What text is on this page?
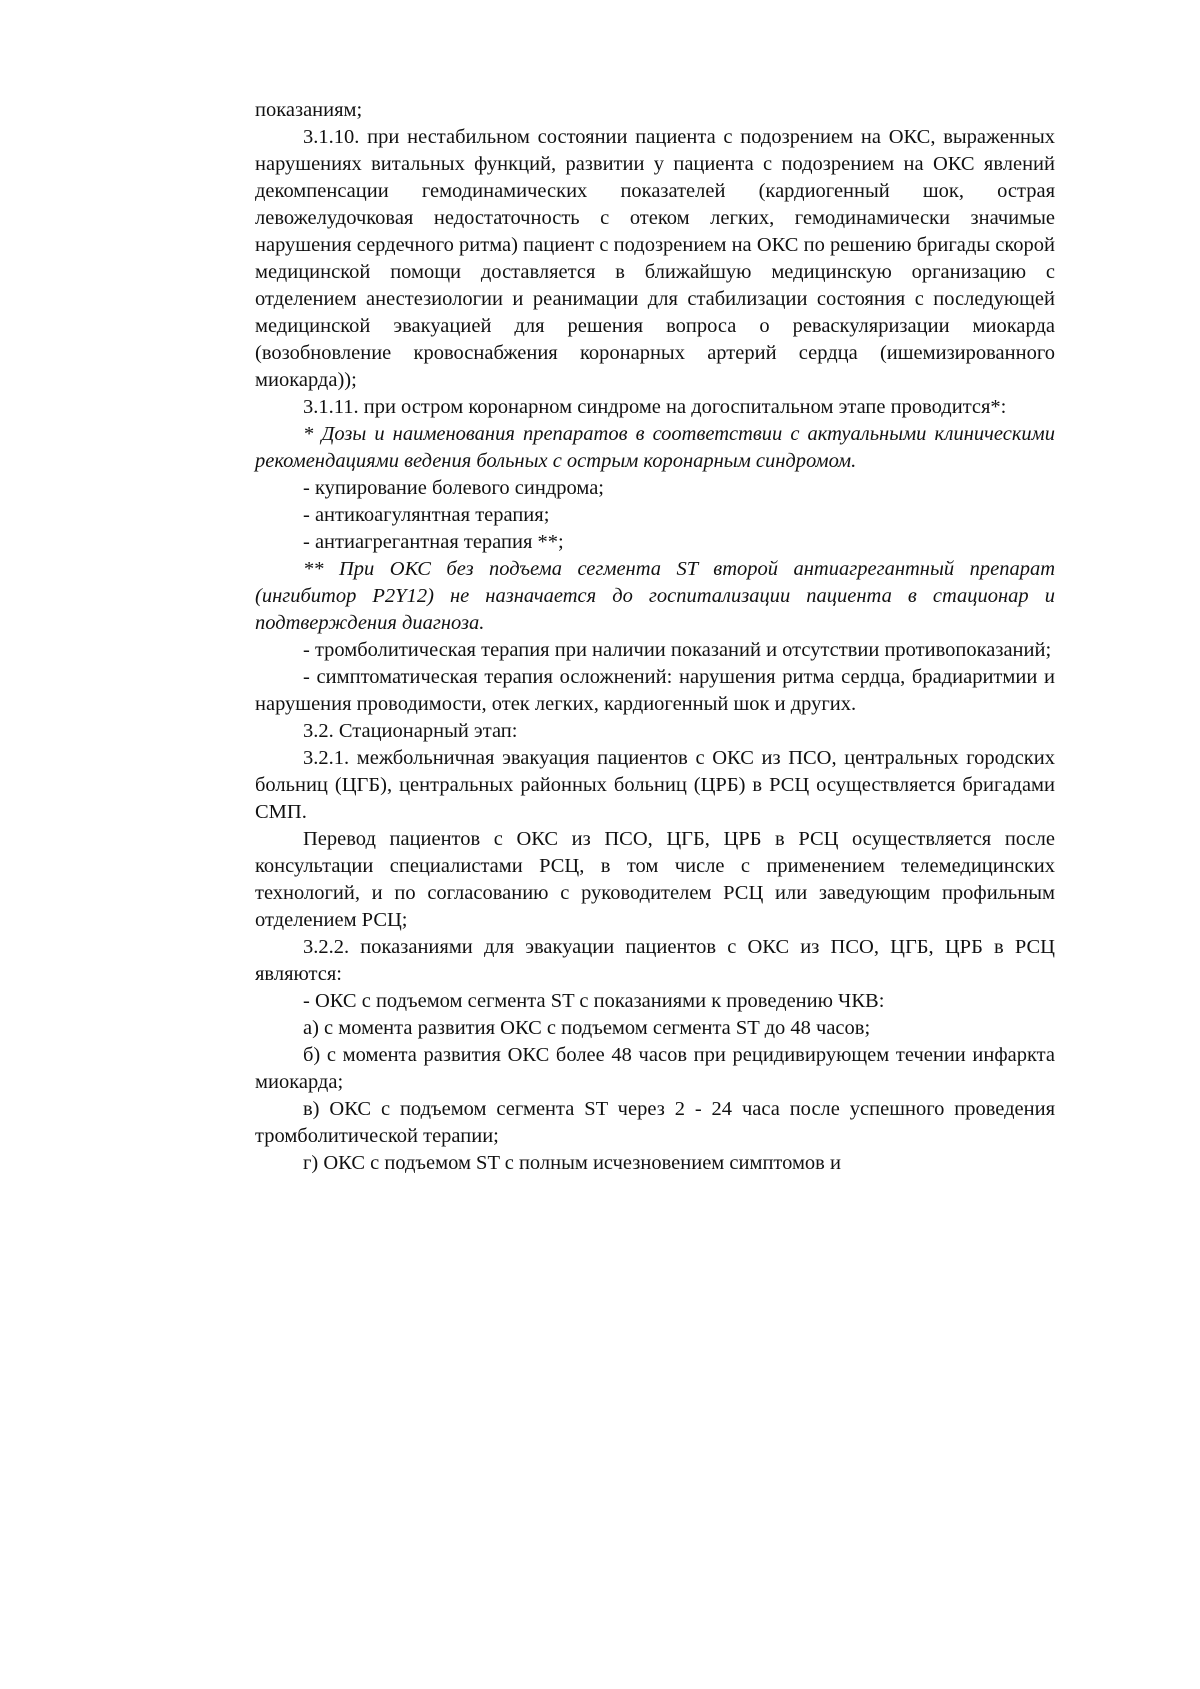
показаниям;

3.1.10. при нестабильном состоянии пациента с подозрением на ОКС, выраженных нарушениях витальных функций, развитии у пациента с подозрением на ОКС явлений декомпенсации гемодинамических показателей (кардиогенный шок, острая левожелудочковая недостаточность с отеком легких, гемодинамически значимые нарушения сердечного ритма) пациент с подозрением на ОКС по решению бригады скорой медицинской помощи доставляется в ближайшую медицинскую организацию с отделением анестезиологии и реанимации для стабилизации состояния с последующей медицинской эвакуацией для решения вопроса о реваскуляризации миокарда (возобновление кровоснабжения коронарных артерий сердца (ишемизированного миокарда));

3.1.11. при остром коронарном синдроме на догоспитальном этапе проводится*:

* Дозы и наименования препаратов в соответствии с актуальными клиническими рекомендациями ведения больных с острым коронарным синдромом.

- купирование болевого синдрома;

- антикоагулянтная терапия;

- антиагрегантная терапия **;

** При ОКС без подъема сегмента ST второй антиагрегантный препарат (ингибитор P2Y12) не назначается до госпитализации пациента в стационар и подтверждения диагноза.

- тромболитическая терапия при наличии показаний и отсутствии противопоказаний;

- симптоматическая терапия осложнений: нарушения ритма сердца, брадиаритмии и нарушения проводимости, отек легких, кардиогенный шок и других.

3.2. Стационарный этап:

3.2.1. межбольничная эвакуация пациентов с ОКС из ПСО, центральных городских больниц (ЦГБ), центральных районных больниц (ЦРБ) в РСЦ осуществляется бригадами СМП.

Перевод пациентов с ОКС из ПСО, ЦГБ, ЦРБ в РСЦ осуществляется после консультации специалистами РСЦ, в том числе с применением телемедицинских технологий, и по согласованию с руководителем РСЦ или заведующим профильным отделением РСЦ;

3.2.2. показаниями для эвакуации пациентов с ОКС из ПСО, ЦГБ, ЦРБ в РСЦ являются:

- ОКС с подъемом сегмента ST с показаниями к проведению ЧКВ:

а) с момента развития ОКС с подъемом сегмента ST до 48 часов;

б) с момента развития ОКС более 48 часов при рецидивирующем течении инфаркта миокарда;

в) ОКС с подъемом сегмента ST через 2 - 24 часа после успешного проведения тромболитической терапии;

г) ОКС с подъемом ST с полным исчезновением симптомов и
